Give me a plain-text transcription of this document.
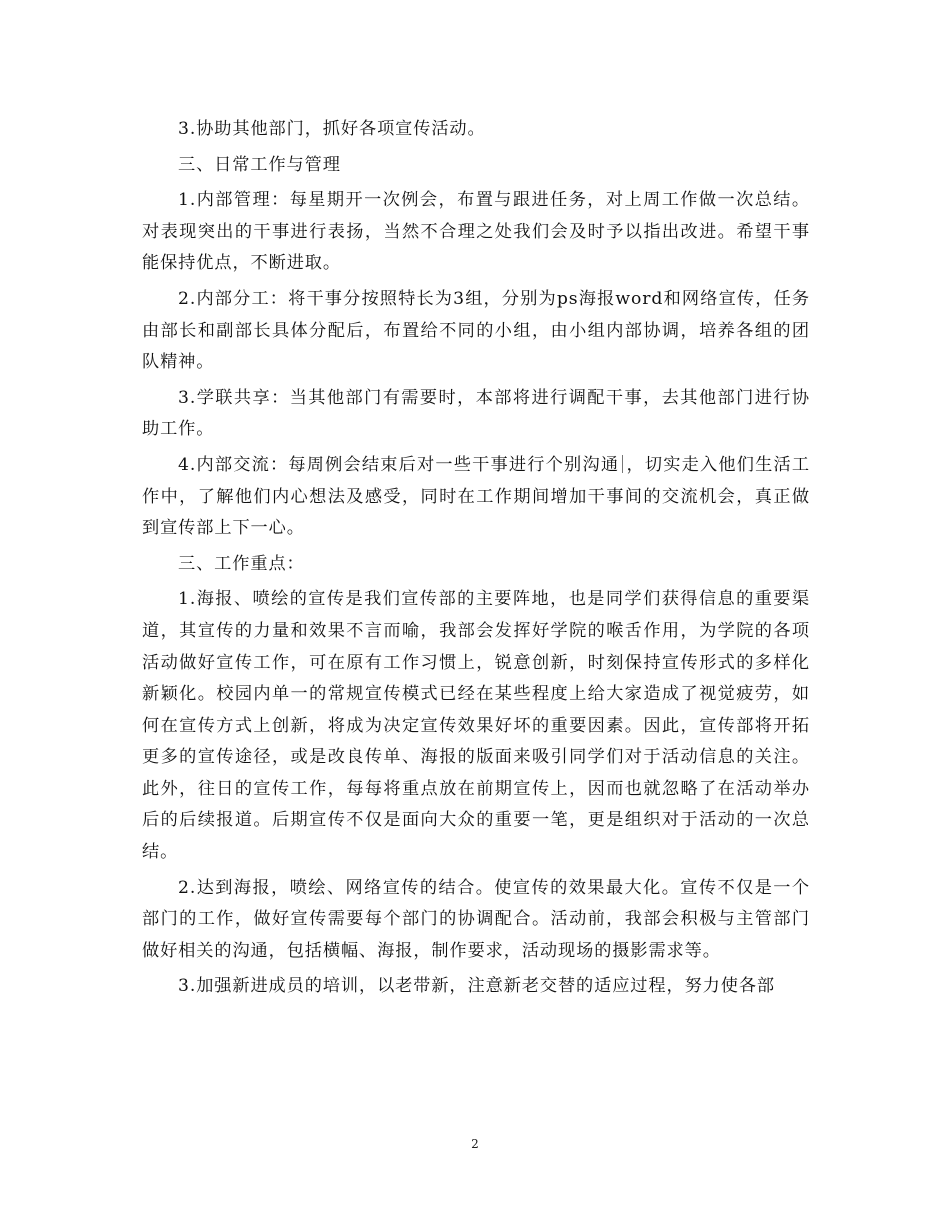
3.协助其他部门，抓好各项宣传活动。

三、日常工作与管理

1.内部管理：每星期开一次例会，布置与跟进任务，对上周工作做一次总结。对表现突出的干事进行表扬，当然不合理之处我们会及时予以指出改进。希望干事能保持优点，不断进取。

2.内部分工：将干事分按照特长为3组，分别为ps海报word和网络宣传，任务由部长和副部长具体分配后，布置给不同的小组，由小组内部协调，培养各组的团队精神。

3.学联共享：当其他部门有需要时，本部将进行调配干事，去其他部门进行协助工作。

4.内部交流：每周例会结束后对一些干事进行个别沟通 ，切实走入他们生活工作中，了解他们内心想法及感受，同时在工作期间增加干事间的交流机会，真正做到宣传部上下一心。

三、工作重点：

1.海报、喷绘的宣传是我们宣传部的主要阵地，也是同学们获得信息的重要渠道，其宣传的力量和效果不言而喻，我部会发挥好学院的喉舌作用，为学院的各项活动做好宣传工作，可在原有工作习惯上，锐意创新，时刻保持宣传形式的多样化新颖化。校园内单一的常规宣传模式已经在某些程度上给大家造成了视觉疲劳，如何在宣传方式上创新，将成为决定宣传效果好坏的重要因素。因此，宣传部将开拓更多的宣传途径，或是改良传单、海报的版面来吸引同学们对于活动信息的关注。此外，往日的宣传工作，每每将重点放在前期宣传上，因而也就忽略了在活动举办后的后续报道。后期宣传不仅是面向大众的重要一笔，更是组织对于活动的一次总结。

2.达到海报，喷绘、网络宣传的结合。使宣传的效果最大化。宣传不仅是一个部门的工作，做好宣传需要每个部门的协调配合。活动前，我部会积极与主管部门做好相关的沟通，包括横幅、海报，制作要求，活动现场的摄影需求等。

3.加强新进成员的培训，以老带新，注意新老交替的适应过程，努力使各部

2
